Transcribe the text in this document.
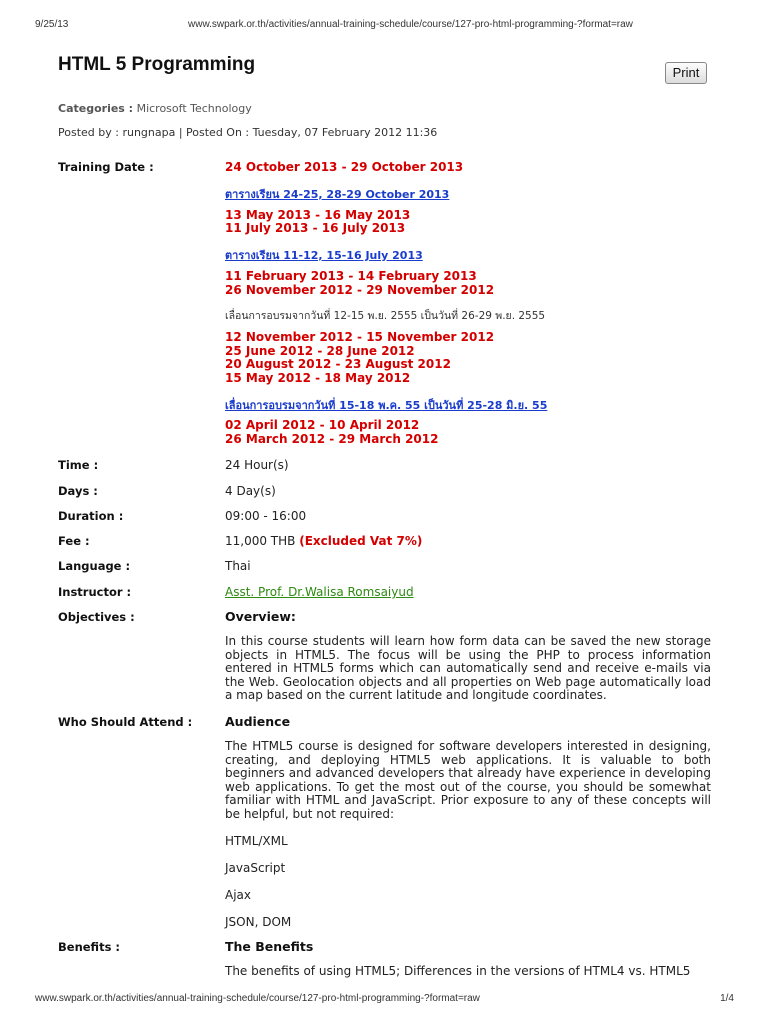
9/25/13	www.swpark.or.th/activities/annual-training-schedule/course/127-pro-html-programming-?format=raw
HTML 5 Programming	Print
Categories : Microsoft Technology
Posted by : rungnapa | Posted On : Tuesday, 07 February 2012 11:36
Training Date :	24 October 2013 - 29 October 2013
ตารางเรียน 24-25, 28-29 October 2013
13 May 2013 - 16 May 2013
11 July 2013 - 16 July 2013
ตารางเรียน 11-12, 15-16 July 2013
11 February 2013 - 14 February 2013
26 November 2012 - 29 November 2012
เลื่อนการอบรมจากวันที่ 12-15 พ.ย. 2555 เป็นวันที่ 26-29 พ.ย. 2555
12 November 2012 - 15 November 2012
25 June 2012 - 28 June 2012
20 August 2012 - 23 August 2012
15 May 2012 - 18 May 2012
เลื่อนการอบรมจากวันที่ 15-18 พ.ค. 55 เป็นวันที่ 25-28 มิ.ย. 55
02 April 2012 - 10 April 2012
26 March 2012 - 29 March 2012
Time :	24 Hour(s)
Days :	4 Day(s)
Duration :	09:00 - 16:00
Fee :	11,000 THB (Excluded Vat 7%)
Language :	Thai
Instructor :	Asst. Prof. Dr.Walisa Romsaiyud
Objectives :	Overview:
In this course students will learn how form data can be saved the new storage objects in HTML5. The focus will be using the PHP to process information entered in HTML5 forms which can automatically send and receive e-mails via the Web. Geolocation objects and all properties on Web page automatically load a map based on the current latitude and longitude coordinates.
Who Should Attend :	Audience
The HTML5 course is designed for software developers interested in designing, creating, and deploying HTML5 web applications. It is valuable to both beginners and advanced developers that already have experience in developing web applications. To get the most out of the course, you should be somewhat familiar with HTML and JavaScript. Prior exposure to any of these concepts will be helpful, but not required:
HTML/XML
JavaScript
Ajax
JSON, DOM
Benefits :	The Benefits
The benefits of using HTML5; Differences in the versions of HTML4 vs. HTML5
www.swpark.or.th/activities/annual-training-schedule/course/127-pro-html-programming-?format=raw	1/4
